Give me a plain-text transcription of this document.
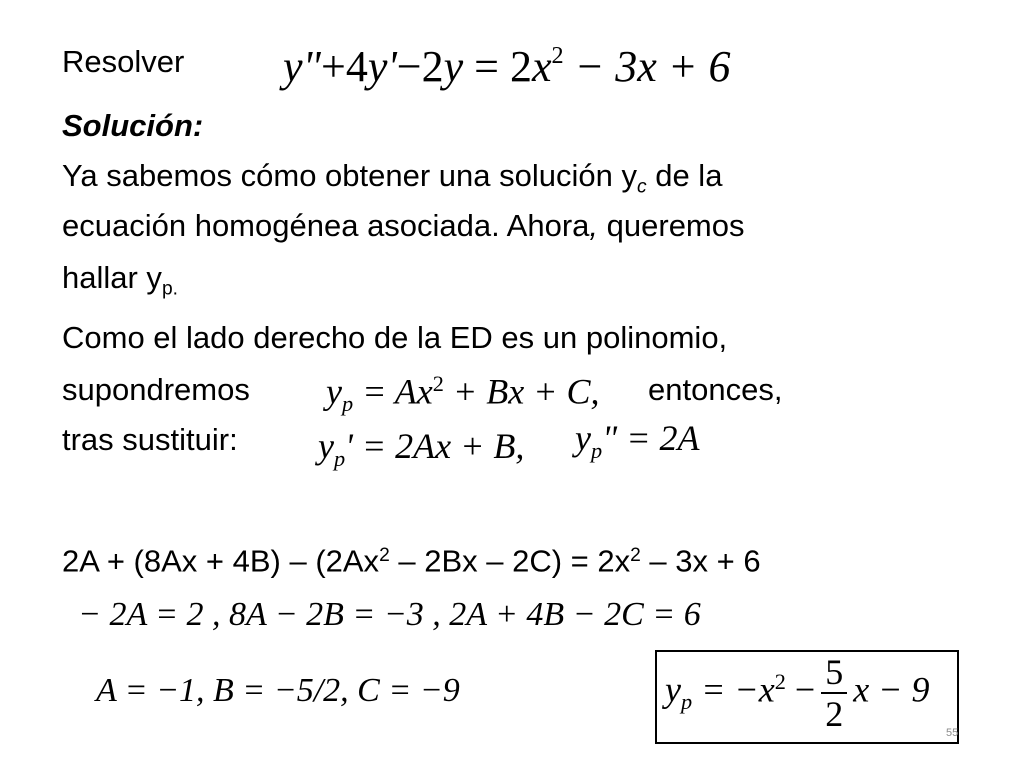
Resolver y"+4y'−2y = $2x^2 - 3x + 6$
Solución:
Ya sabemos cómo obtener una solución $y_c$ de la
ecuación homogénea asociada. Ahora, queremos
hallar $y_{p.}$
Como el lado derecho de la ED es un polinomio,
supondremos $y_p = Ax^2 + Bx + C$, entonces,
tras sustituir: $y_p' = 2Ax + B$, $y_p$" = 2A
$2A + (8Ax + 4B) - (2Ax^2 - 2Bx - 2C) = 2x^2 - 3x + 6$
− 2A = 2 , 8A − 2B = −3 , 2A + 4B − 2C = 6
A = −1, B = −5/2, C = −9	$y_p = -x^2 - \frac{5}{2}$ x − 9
55
